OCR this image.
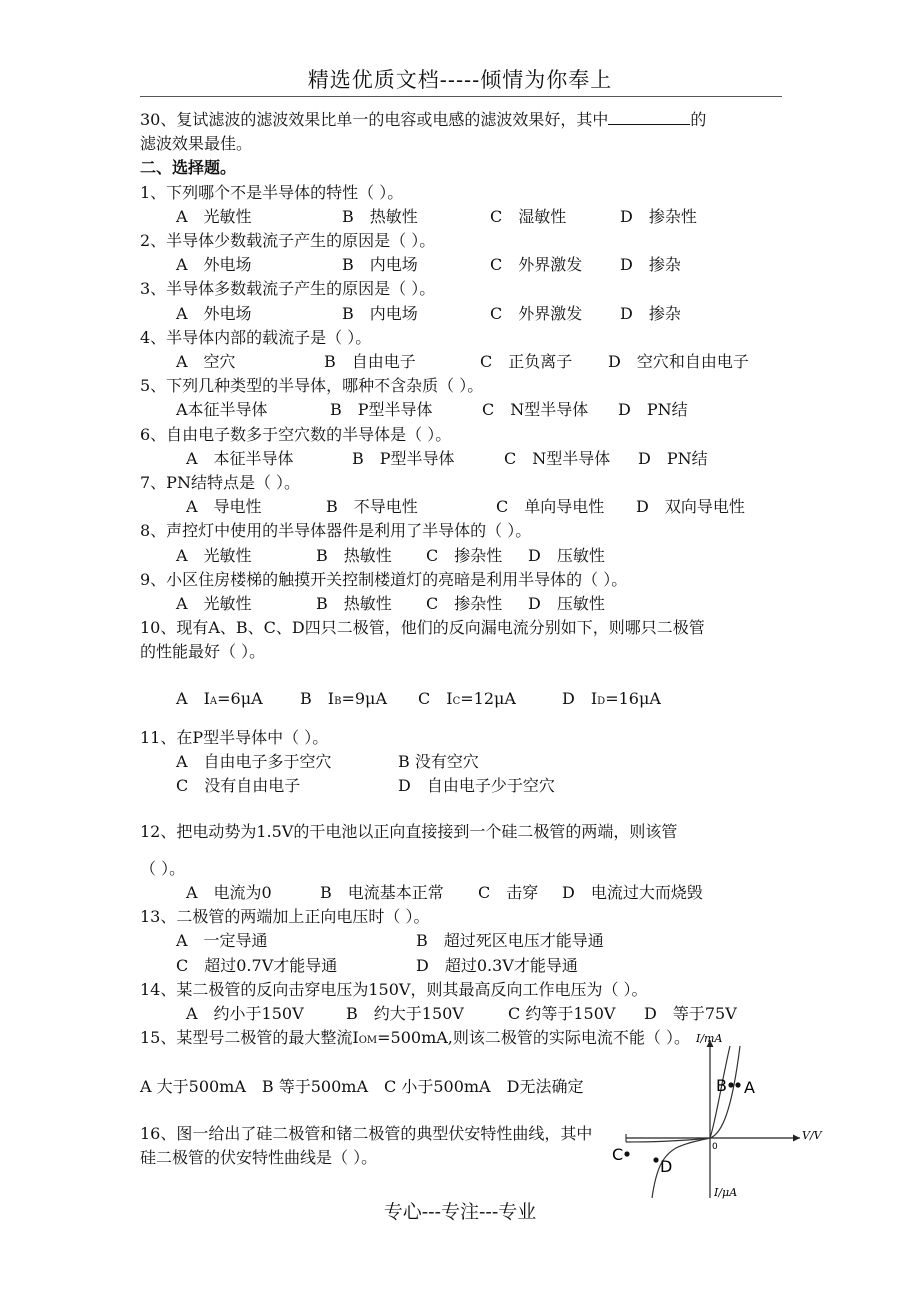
精选优质文档-----倾情为你奉上
30、复试滤波的滤波效果比单一的电容或电感的滤波效果好，其中	的
滤波效果最佳。
二、选择题。
1、下列哪个不是半导体的特性（ ）。
A　光敏性	B　热敏性	C　湿敏性	D　掺杂性
2、半导体少数载流子产生的原因是（ ）。
A　外电场	B　内电场	C　外界激发 D　掺杂
3、半导体多数载流子产生的原因是（ ）。
A　外电场	B　内电场	C　外界激发 D　掺杂
4、半导体内部的载流子是（ ）。
A　空穴	B　自由电子	C　正负离子 D　空穴和自由电子
5、下列几种类型的半导体，哪种不含杂质（ ）。
A本征半导体	B　P型半导体	C　N型半导体 D　PN结
6、自由电子数多于空穴数的半导体是（ ）。
A　本征半导体	B　P型半导体	C　N型半导体 D　PN结
7、PN结特点是（ ）。
A　导电性	B　不导电性	C　单向导电性 D　双向导电性
8、声控灯中使用的半导体器件是利用了半导体的（ ）。
A　光敏性	B　热敏性 C　掺杂性 D　压敏性
9、小区住房楼梯的触摸开关控制楼道灯的亮暗是利用半导体的（ ）。
A　光敏性	B　热敏性 C　掺杂性 D　压敏性
10、现有A、B、C、D四只二极管，他们的反向漏电流分别如下，则哪只二极管
的性能最好（ ）。
A　 IA=6μA B　 IB=9μA C　 IC=12μA	D　 ID=16μA
11、在P型半导体中（ ）。
A　自由电子多于空穴	B 没有空穴
C　没有自由电子	D　自由电子少于空穴
12、把电动势为1.5V的干电池以正向直接接到一个硅二极管的两端，则该管
（ ）。
A　电流为0	B　电流基本正常 C　击穿 D　电流过大而烧毁
13、二极管的两端加上正向电压时（ ）。
A　一定导通	B　超过死区电压才能导通
C　超过0.7V才能导通	D　超过0.3V才能导通
14、某二极管的反向击穿电压为150V，则其最高反向工作电压为（ ）。
A　约小于150V	B　约大于150V	C 约等于150V D　等于75V
15、某型号二极管的最大整流IOM=500mA,则该二极管的实际电流不能（ ）。
A 大于500mA　B 等于500mA　C 小于500mA　D无法确定
16、图一给出了硅二极管和锗二极管的典型伏安特性曲线，其中硅二极管的伏安特性曲线是（ ）。
I/mA
V/V
I/μA
0
B A
C
D
专心---专注---专业
